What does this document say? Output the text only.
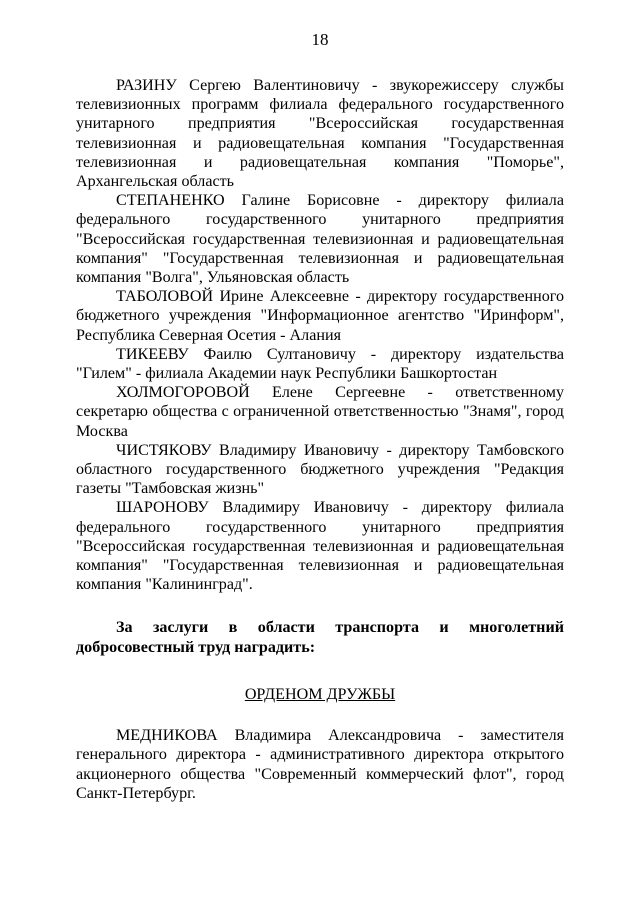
18

РАЗИНУ Сергею Валентиновичу - звукорежиссеру службы телевизионных программ филиала федерального государственного унитарного предприятия "Всероссийская государственная телевизионная и радиовещательная компания "Государственная телевизионная и радиовещательная компания "Поморье", Архангельская область

СТЕПАНЕНКО Галине Борисовне - директору филиала федерального государственного унитарного предприятия "Всероссийская государственная телевизионная и радиовещательная компания" "Государственная телевизионная и радиовещательная компания "Волга", Ульяновская область

ТАБОЛОВОЙ Ирине Алексеевне - директору государственного бюджетного учреждения "Информационное агентство "Иринформ", Республика Северная Осетия - Алания

ТИКЕЕВУ Фаилю Султановичу - директору издательства "Гилем" - филиала Академии наук Республики Башкортостан

ХОЛМОГОРОВОЙ Елене Сергеевне - ответственному секретарю общества с ограниченной ответственностью "Знамя", город Москва

ЧИСТЯКОВУ Владимиру Ивановичу - директору Тамбовского областного государственного бюджетного учреждения "Редакция газеты "Тамбовская жизнь"

ШАРОНОВУ Владимиру Ивановичу - директору филиала федерального государственного унитарного предприятия "Всероссийская государственная телевизионная и радиовещательная компания" "Государственная телевизионная и радиовещательная компания "Калининград".

За заслуги в области транспорта и многолетний добросовестный труд наградить:

ОРДЕНОМ ДРУЖБЫ

МЕДНИКОВА Владимира Александровича - заместителя генерального директора - административного директора открытого акционерного общества "Современный коммерческий флот", город Санкт-Петербург.
